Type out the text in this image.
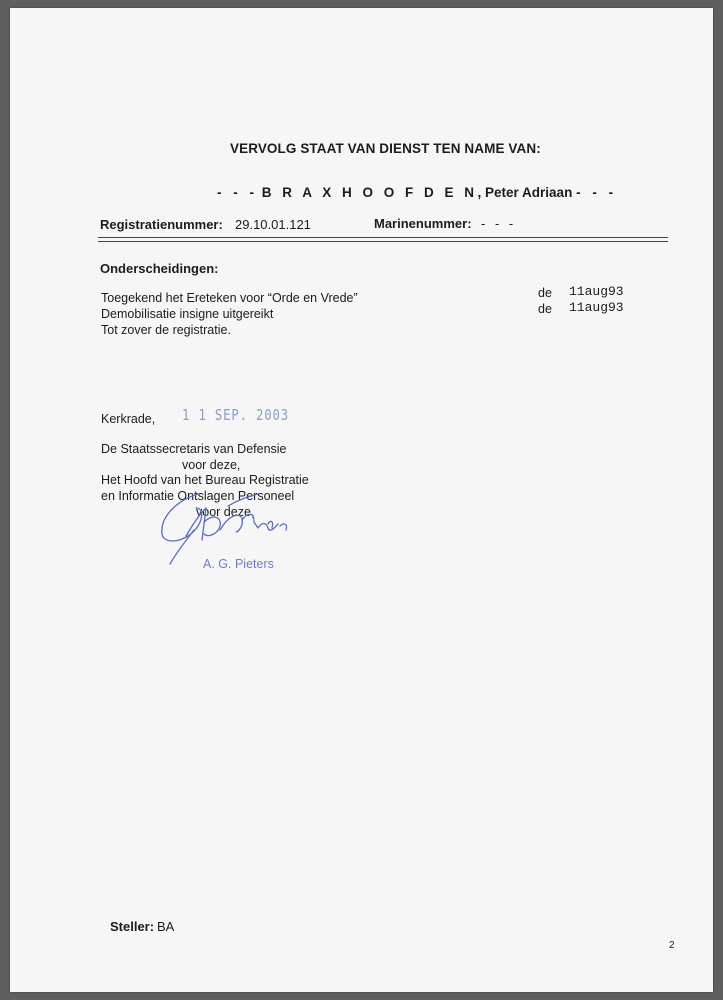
VERVOLG STAAT VAN DIENST TEN NAME VAN:
- - - B R A X H O O F D E N, Peter Adriaan - - -
Registratienummer: 29.10.01.121	Marinenummer: - - -
Onderscheidingen:
Toegekend het Ereteken voor “Orde en Vrede”
Demobilisatie insigne uitgereikt
Tot zover de registratie.
de 11aug93
de 11aug93
Kerkrade, 1 1 SEP. 2003
De Staatssecretaris van Defensie
voor deze,
Het Hoofd van het Bureau Registratie
en Informatie Ontslagen Personeel
voor deze,
A. G. Pieters
Steller: BA
2
